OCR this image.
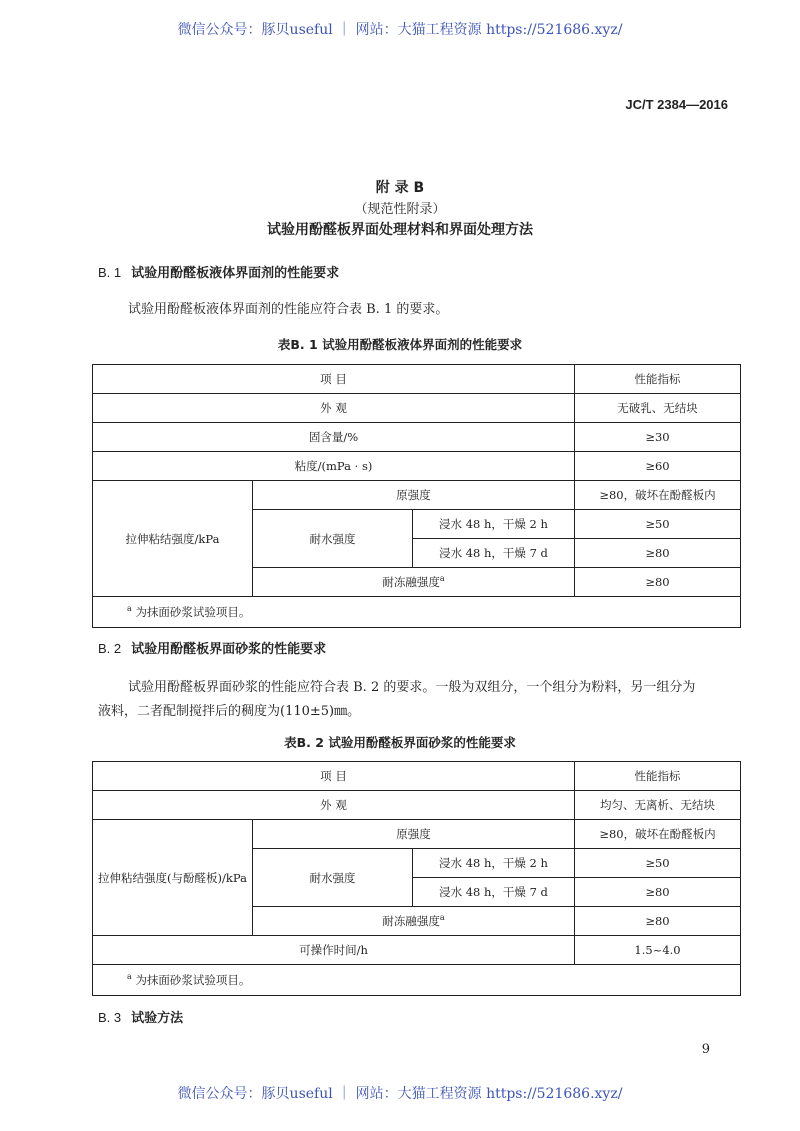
微信公众号：豚贝useful ｜ 网站：大猫工程资源 https://521686.xyz/
JC/T 2384—2016
附 录 B
（规范性附录）
试验用酚醛板界面处理材料和界面处理方法
B. 1 试验用酚醛板液体界面剂的性能要求
试验用酚醛板液体界面剂的性能应符合表 B. 1 的要求。
表B. 1 试验用酚醛板液体界面剂的性能要求
项 目			性能指标
外 观			无破乳、无结块
固含量/%			≥30
粘度/(mPa · s)			≥60
拉伸粘结强度/kPa	原强度		≥80，破坏在酚醛板内
	耐水强度	浸水 48 h，干燥 2 h	≥50
		浸水 48 h，干燥 7 d	≥80
	耐冻融强度$^a$		≥80
$^a$ 为抹面砂浆试验项目。			
B. 2 试验用酚醛板界面砂浆的性能要求
试验用酚醛板界面砂浆的性能应符合表 B. 2 的要求。一般为双组分，一个组分为粉料，另一组分为
液料，二者配制搅拌后的稠度为(110±5)㎜。
表B. 2 试验用酚醛板界面砂浆的性能要求
项 目			性能指标
外 观			均匀、无离析、无结块
拉伸粘结强度(与酚醛板)/kPa	原强度		≥80，破坏在酚醛板内
	耐水强度	浸水 48 h，干燥 2 h	≥50
		浸水 48 h，干燥 7 d	≥80
	耐冻融强度$^a$		≥80
可操作时间/h			1.5~4.0
$^a$ 为抹面砂浆试验项目。			
B. 3 试验方法
9
微信公众号：豚贝useful ｜ 网站：大猫工程资源 https://521686.xyz/
